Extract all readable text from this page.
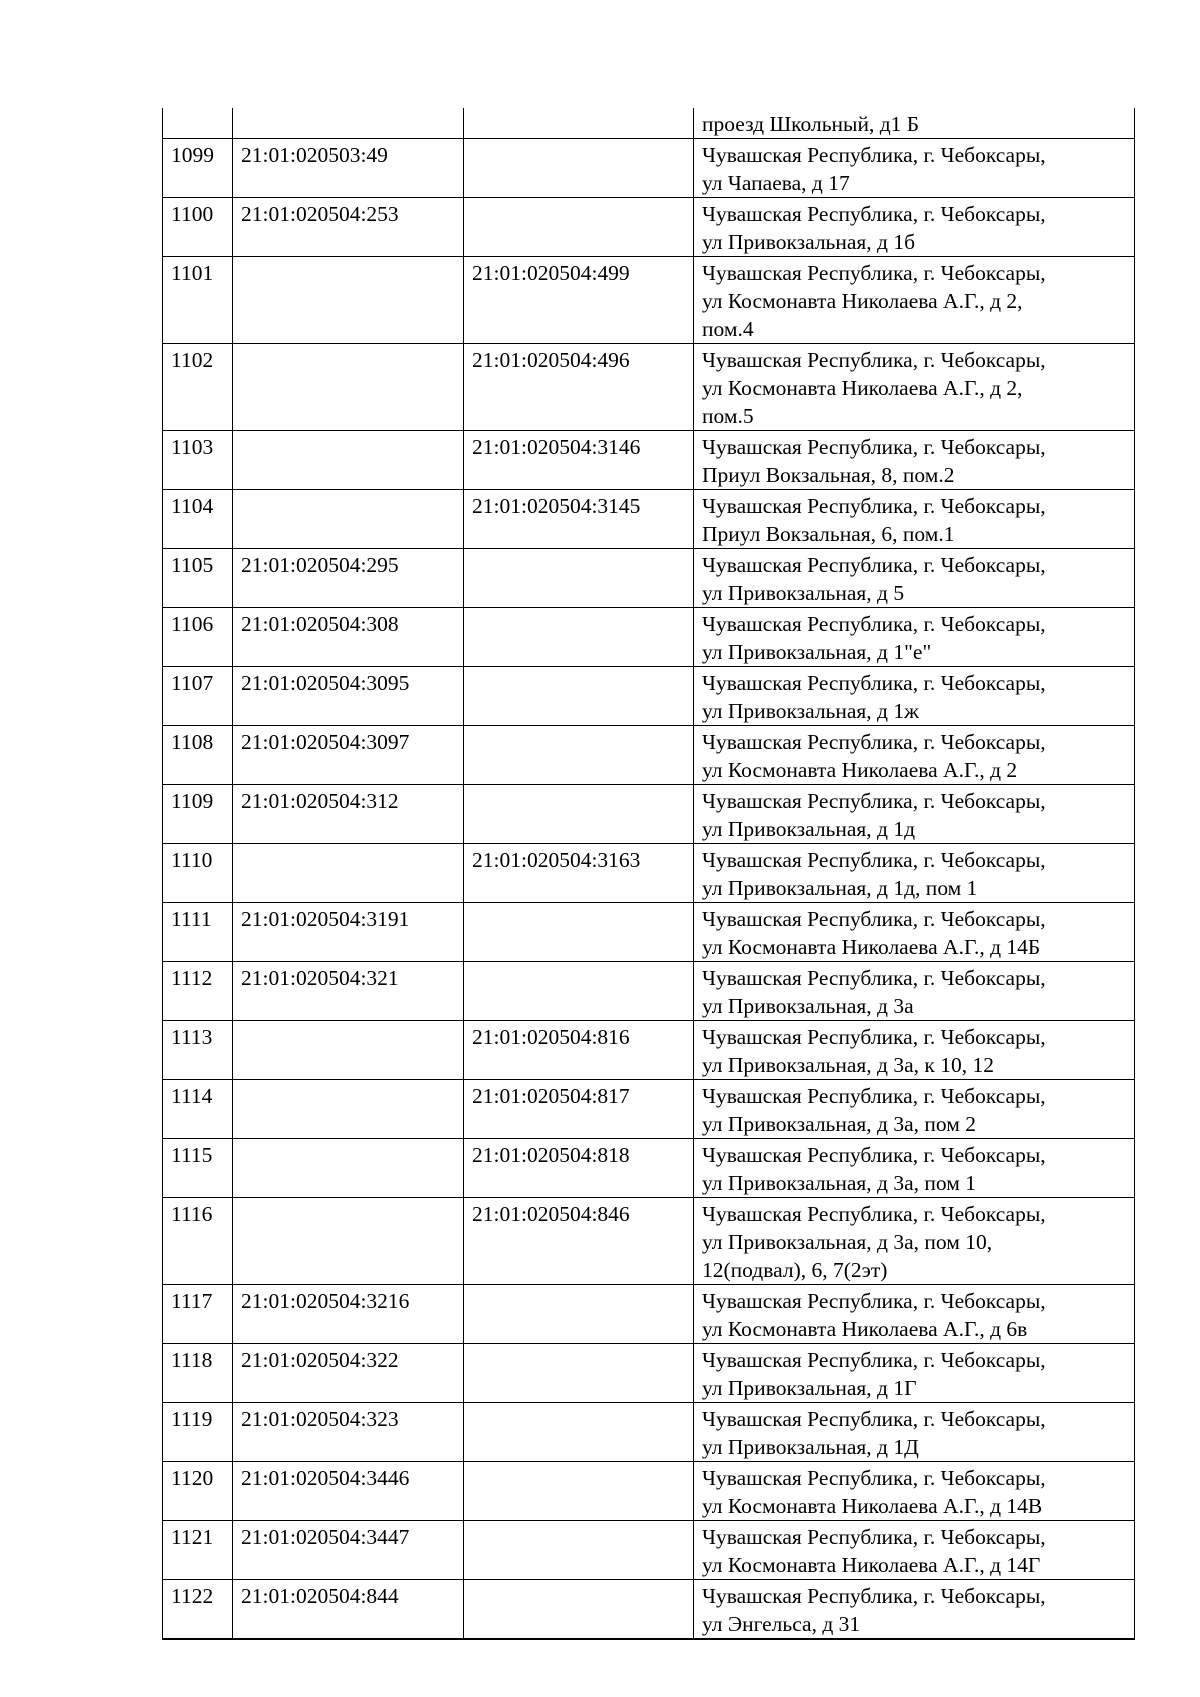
			проезд Школьный, д1 Б

1099	21:01:020503:49		Чувашская Республика, г. Чебоксары,
ул Чапаева, д 17

1100	21:01:020504:253		Чувашская Республика, г. Чебоксары,
ул Привокзальная, д 1б

1101		21:01:020504:499	Чувашская Республика, г. Чебоксары,
ул Космонавта Николаева А.Г., д 2,
пом.4

1102		21:01:020504:496	Чувашская Республика, г. Чебоксары,
ул Космонавта Николаева А.Г., д 2,
пом.5

1103		21:01:020504:3146	Чувашская Республика, г. Чебоксары,
Приул Вокзальная, 8, пом.2

1104		21:01:020504:3145	Чувашская Республика, г. Чебоксары,
Приул Вокзальная, 6, пом.1

1105	21:01:020504:295		Чувашская Республика, г. Чебоксары,
ул Привокзальная, д 5

1106	21:01:020504:308		Чувашская Республика, г. Чебоксары,
ул Привокзальная, д 1"е"

1107	21:01:020504:3095		Чувашская Республика, г. Чебоксары,
ул Привокзальная, д 1ж

1108	21:01:020504:3097		Чувашская Республика, г. Чебоксары,
ул Космонавта Николаева А.Г., д 2

1109	21:01:020504:312		Чувашская Республика, г. Чебоксары,
ул Привокзальная, д 1д

1110		21:01:020504:3163	Чувашская Республика, г. Чебоксары,
ул Привокзальная, д 1д, пом 1

1111	21:01:020504:3191		Чувашская Республика, г. Чебоксары,
ул Космонавта Николаева А.Г., д 14Б

1112	21:01:020504:321		Чувашская Республика, г. Чебоксары,
ул Привокзальная, д 3а

1113		21:01:020504:816	Чувашская Республика, г. Чебоксары,
ул Привокзальная, д 3а, к 10, 12

1114		21:01:020504:817	Чувашская Республика, г. Чебоксары,
ул Привокзальная, д 3а, пом 2

1115		21:01:020504:818	Чувашская Республика, г. Чебоксары,
ул Привокзальная, д 3а, пом 1

1116		21:01:020504:846	Чувашская Республика, г. Чебоксары,
ул Привокзальная, д 3а, пом 10,
12(подвал), 6, 7(2эт)

1117	21:01:020504:3216		Чувашская Республика, г. Чебоксары,
ул Космонавта Николаева А.Г., д 6в

1118	21:01:020504:322		Чувашская Республика, г. Чебоксары,
ул Привокзальная, д 1Г

1119	21:01:020504:323		Чувашская Республика, г. Чебоксары,
ул Привокзальная, д 1Д

1120	21:01:020504:3446		Чувашская Республика, г. Чебоксары,
ул Космонавта Николаева А.Г., д 14В

1121	21:01:020504:3447		Чувашская Республика, г. Чебоксары,
ул Космонавта Николаева А.Г., д 14Г

1122	21:01:020504:844		Чувашская Республика, г. Чебоксары,
ул Энгельса, д 31
